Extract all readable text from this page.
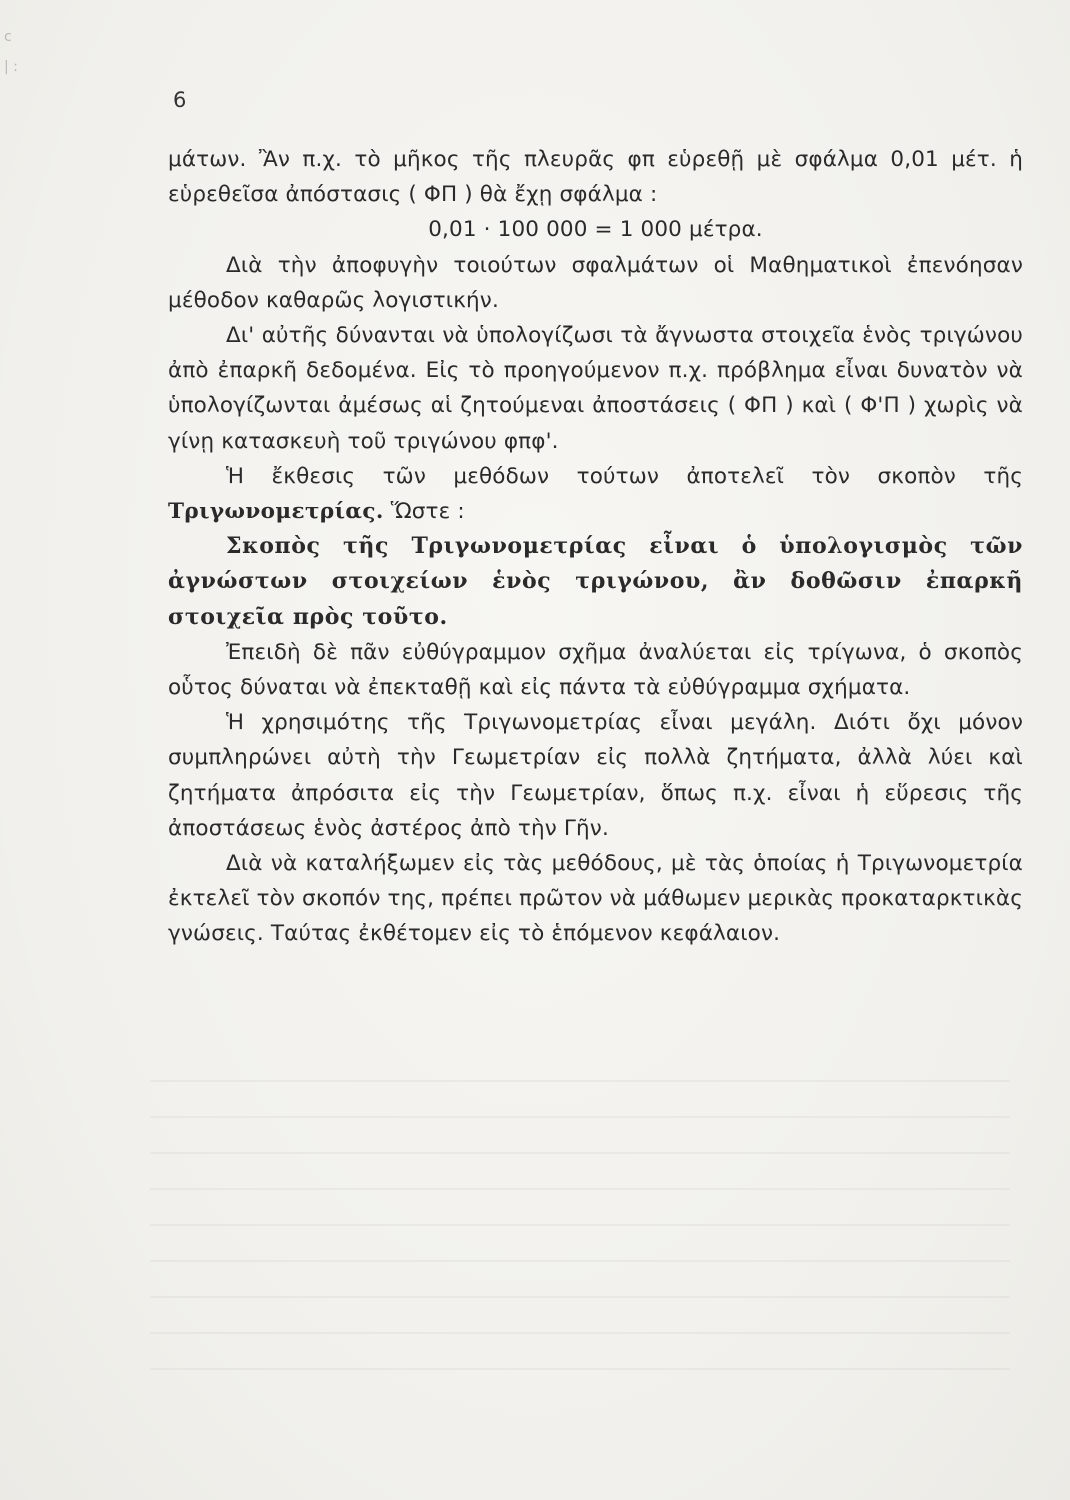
c | :
6

μάτων. Ἂν π.χ. τὸ μῆκος τῆς πλευρᾶς φπ εὑρεθῇ μὲ σφάλμα 0,01 μέτ. ἡ εὑρεθεῖσα ἀπόστασις ( ΦΠ ) θὰ ἔχῃ σφάλμα :

0,01 · 100 000 = 1 000 μέτρα.

Διὰ τὴν ἀποφυγὴν τοιούτων σφαλμάτων οἱ Μαθηματικοὶ ἐπενόησαν μέθοδον καθαρῶς λογιστικήν.

Δι' αὐτῆς δύνανται νὰ ὑπολογίζωσι τὰ ἄγνωστα στοιχεῖα ἑνὸς τριγώνου ἀπὸ ἐπαρκῆ δεδομένα. Εἰς τὸ προηγούμενον π.χ. πρόβλημα εἶναι δυνατὸν νὰ ὑπολογίζωνται ἀμέσως αἱ ζητούμεναι ἀποστάσεις ( ΦΠ ) καὶ ( Φ'Π ) χωρὶς νὰ γίνῃ κατασκευὴ τοῦ τριγώνου φπφ'.

Ἡ ἔκθεσις τῶν μεθόδων τούτων ἀποτελεῖ τὸν σκοπὸν τῆς Τριγωνομετρίας. Ὥστε :

Σκοπὸς τῆς Τριγωνομετρίας εἶναι ὁ ὑπολογισμὸς τῶν ἀγνώστων στοιχείων ἑνὸς τριγώνου, ἂν δοθῶσιν ἐπαρκῆ στοιχεῖα πρὸς τοῦτο.

Ἐπειδὴ δὲ πᾶν εὐθύγραμμον σχῆμα ἀναλύεται εἰς τρίγωνα, ὁ σκοπὸς οὗτος δύναται νὰ ἐπεκταθῇ καὶ εἰς πάντα τὰ εὐθύγραμμα σχήματα.

Ἡ χρησιμότης τῆς Τριγωνομετρίας εἶναι μεγάλη. Διότι ὄχι μόνον συμπληρώνει αὐτὴ τὴν Γεωμετρίαν εἰς πολλὰ ζητήματα, ἀλλὰ λύει καὶ ζητήματα ἀπρόσιτα εἰς τὴν Γεωμετρίαν, ὅπως π.χ. εἶναι ἡ εὕρεσις τῆς ἀποστάσεως ἑνὸς ἀστέρος ἀπὸ τὴν Γῆν.

Διὰ νὰ καταλήξωμεν εἰς τὰς μεθόδους, μὲ τὰς ὁποίας ἡ Τριγωνομετρία ἐκτελεῖ τὸν σκοπόν της, πρέπει πρῶτον νὰ μάθωμεν μερικὰς προκαταρκτικὰς γνώσεις. Ταύτας ἐκθέτομεν εἰς τὸ ἑπόμενον κεφάλαιον.
